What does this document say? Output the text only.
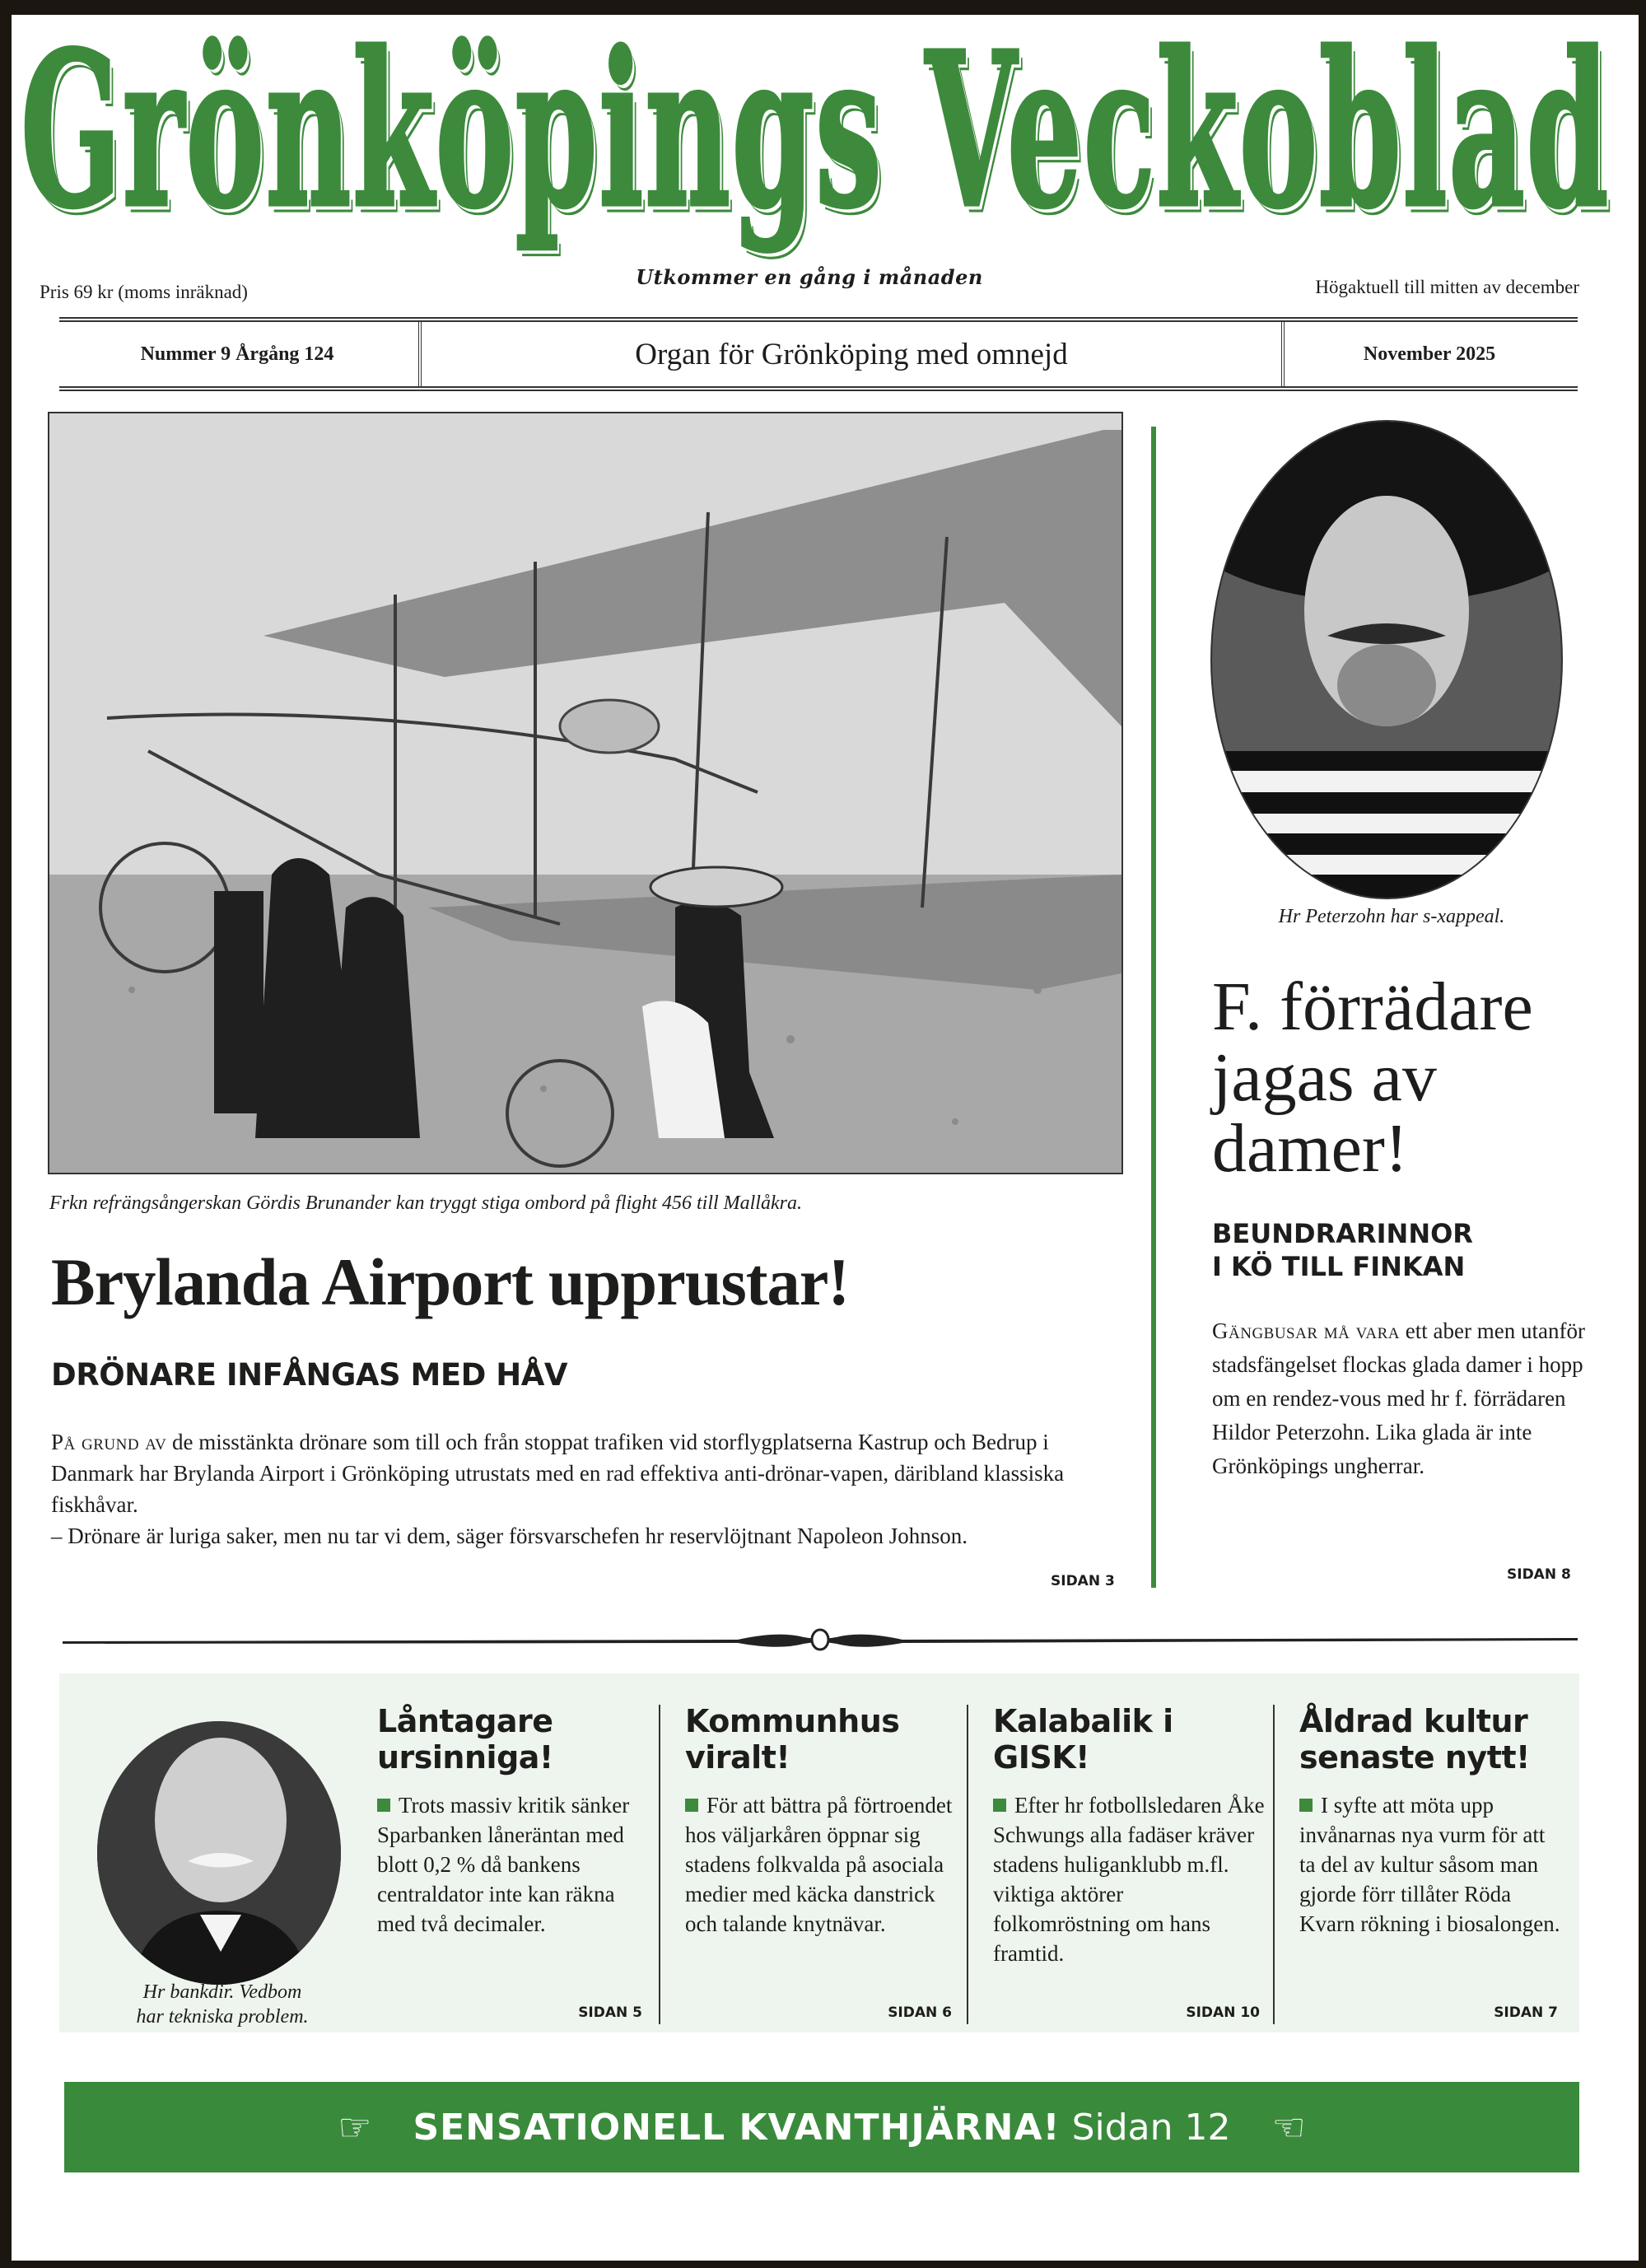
Grönköpings Veckoblad
Pris 69 kr (moms inräknad)
Utkommer en gång i månaden	Högaktuell till mitten av december
Nummer 9 Årgång 124	Organ för Grönköping med omnejd	November 2025
Frkn refrängsångerskan Gördis Brunander kan tryggt stiga ombord på flight 456 till Mallåkra.
Brylanda Airport upprustar!
DRÖNARE INFÅNGAS MED HÅV

På grund av de misstänkta drönare som till och från stoppat trafiken vid storflygplatserna Kastrup och Bedrup i Danmark har Brylanda Airport i Grönköping utrustats med en rad effektiva anti-drönar-vapen, däribland klassiska fiskhåvar.

– Drönare är luriga saker, men nu tar vi dem, säger försvarschefen hr reservlöjtnant Napoleon Johnson.

SIDAN 3
Hr Peterzohn har s-xappeal.
F. förrädare jagas av damer!
BEUNDRARINNOR
I KÖ TILL FINKAN
Gängbusar må vara ett aber men utanför stadsfängelset flockas glada damer i hopp om en rendez-vous med hr f. förrädaren Hildor Peterzohn. Lika glada är inte Grönköpings ungherrar.
SIDAN 8
Hr bankdir. Vedbom
har tekniska problem.
Låntagare ursinniga!
Trots massiv kritik sänker Sparbanken låneräntan med blott 0,2 % då bankens centraldator inte kan räkna med två decimaler.
SIDAN 5
Kommunhus viralt!
För att bättra på förtroendet hos väljarkåren öppnar sig stadens folkvalda på asociala medier med käcka danstrick och talande knytnävar.
SIDAN 6
Kalabalik i GISK!
Efter hr fotbollsledaren Åke Schwungs alla fadäser kräver stadens huliganklubb m.fl. viktiga aktörer folkomröstning om hans framtid.
SIDAN 10
Åldrad kultur senaste nytt!
I syfte att möta upp invånarnas nya vurm för att ta del av kultur såsom man gjorde förr tillåter Röda Kvarn rökning i biosalongen.
SIDAN 7
☞ SENSATIONELL KVANTHJÄRNA! Sidan 12 ☜
